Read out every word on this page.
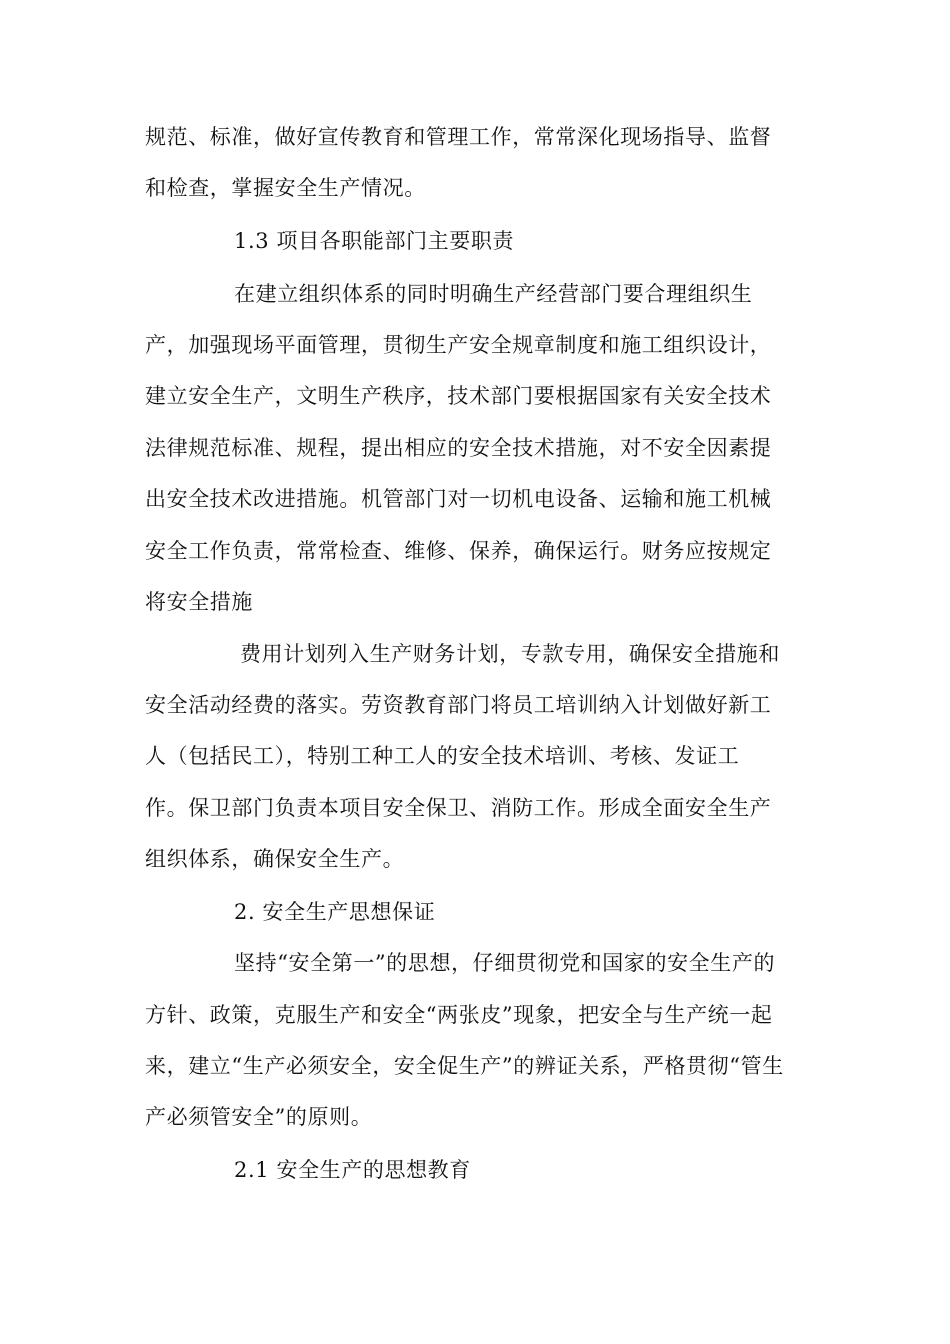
规范、标准，做好宣传教育和管理工作，常常深化现场指导、监督
和检查，掌握安全生产情况。
1.3 项目各职能部门主要职责
在建立组织体系的同时明确生产经营部门要合理组织生
产，加强现场平面管理，贯彻生产安全规章制度和施工组织设计，
建立安全生产，文明生产秩序，技术部门要根据国家有关安全技术
法律规范标准、规程，提出相应的安全技术措施，对不安全因素提
出安全技术改进措施。机管部门对一切机电设备、运输和施工机械
安全工作负责，常常检查、维修、保养，确保运行。财务应按规定
将安全措施
费用计划列入生产财务计划，专款专用，确保安全措施和
安全活动经费的落实。劳资教育部门将员工培训纳入计划做好新工
人（包括民工），特别工种工人的安全技术培训、考核、发证工
作。保卫部门负责本项目安全保卫、消防工作。形成全面安全生产
组织体系，确保安全生产。
2. 安全生产思想保证
坚持“安全第一”的思想，仔细贯彻党和国家的安全生产的
方针、政策，克服生产和安全“两张皮”现象，把安全与生产统一起
来，建立“生产必须安全，安全促生产”的辨证关系，严格贯彻“管生
产必须管安全”的原则。
2.1 安全生产的思想教育
